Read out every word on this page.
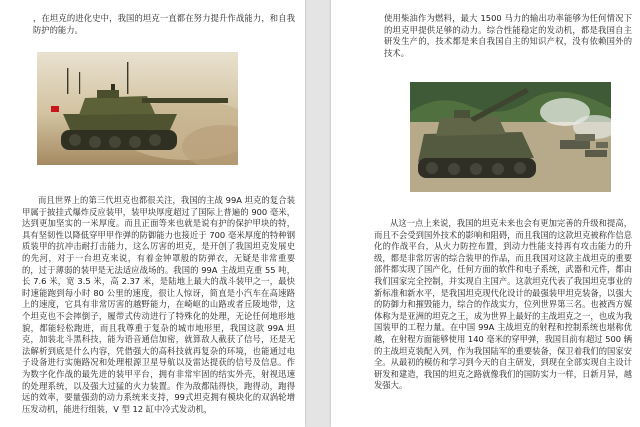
，在坦克的进化史中，我国的坦克一直都在努力提升作战能力，和自我防护的能力。

而且世界上的第三代坦克也都很关注，我国的主战 99A 坦克的复合装甲属于披挂式爆炸反应装甲，装甲块厚度超过了国际上普遍的 900 毫米，达到更加坚实的一米厚度。而且正面等来也就是说有护的保护甲块的特，具有坚韧性以降低穿甲甲作弹的防御能力也接近于 700 毫米厚度的特种钢质装甲的抗冲击耐打击能力，这么厉害的坦克，是开创了我国坦克发展史的先河，对于一台坦克来说，有着金钟罩般的防弹衣，无疑是非常重要的，过于薄弱的装甲是无法适应战场的。我国的 99A 主战坦克重 55 吨，长 7.6 米，宽 3.5 米，高 2.37 米，是陆地上最大的战斗装甲之一，最快时速能跑到每小时 80 公里的速度，很让人惊讶，简直是小汽车在高速路上的速度，它具有非常厉害的越野能力，在崎岖的山路或者丘陵地带，这个坦克也不会摔倒子，履带式传动进行了特殊化的处理，无论任何地形地貌，都能轻松跑进，而且我尊重于复杂的城市地形里，我国这款 99A 坦克，加装北斗黑科技，能为语音通信加密，就算敌人截获了信号，还是无法解析到底是什么内容，凭借强大的高科技就再复杂的环境，也能通过电子设备进行实施路况和处理根源卫星导航以及雷达提获的信号及信息。作为数字化作战的最先进的装甲平台，拥有非常牢固的结实外壳，射视迅速的处理系统，以及强大过猛的火力装置。作为敌都陆得快，跑得动，跑得远的效率，要量强劲的动力系统来支持，99式坦克拥有模块化的双涡轮增压发动机，能进行组装，V 型 12 缸中冷式发动机，

使用柴油作为燃料，最大 1500 马力的输出功率能够为任何情况下的坦克甲提供足够的动力。综合性能稳定的发动机，都是我国自主研发生产的，技术都是来自我国自主的知识产权，没有依赖国外的技术。

从这一点上来说，我国的坦克未来也会有更加完善的升级和提高，而且不会受到国外技术的影响和阻碍，而且我国的这款坦克被称作信息化的作战平台，从火力防控布置，到动力性能支持再有攻击能力的升级，都是非常厉害的综合装甲的作品，而且我国对这款主战坦克的重要部件都实现了国产化，任何方面的软件和电子系统，武器和元件，都由我们国家完全控制，并实现自主国产。这款坦克代表了我国坦克事业的新标准和新水平，是我国坦克现代化设计的最强装甲坦克装备，以强大的防御力和摧毁能力，综合的作战实力，位列世界第三名。也被西方媒体称为是亚洲的坦克之王，成为世界上最好的主战坦克之一，也成为我国装甲的工程力量。在中国 99A 主战坦克的射程和控制系统也堪称优越，在射程方面能够使用 140 毫米的穿甲弹，我国目前有超过 500 辆的主战坦克装配入列，作为我国陆军的重要装备，保卫着我们的国家安全。从最初的模仿和学习到今天的自主研发，到现在全部实现自主设计研发和建造，我国的坦克之路就像我们的国防实力一样，日新月异，越发强大。
